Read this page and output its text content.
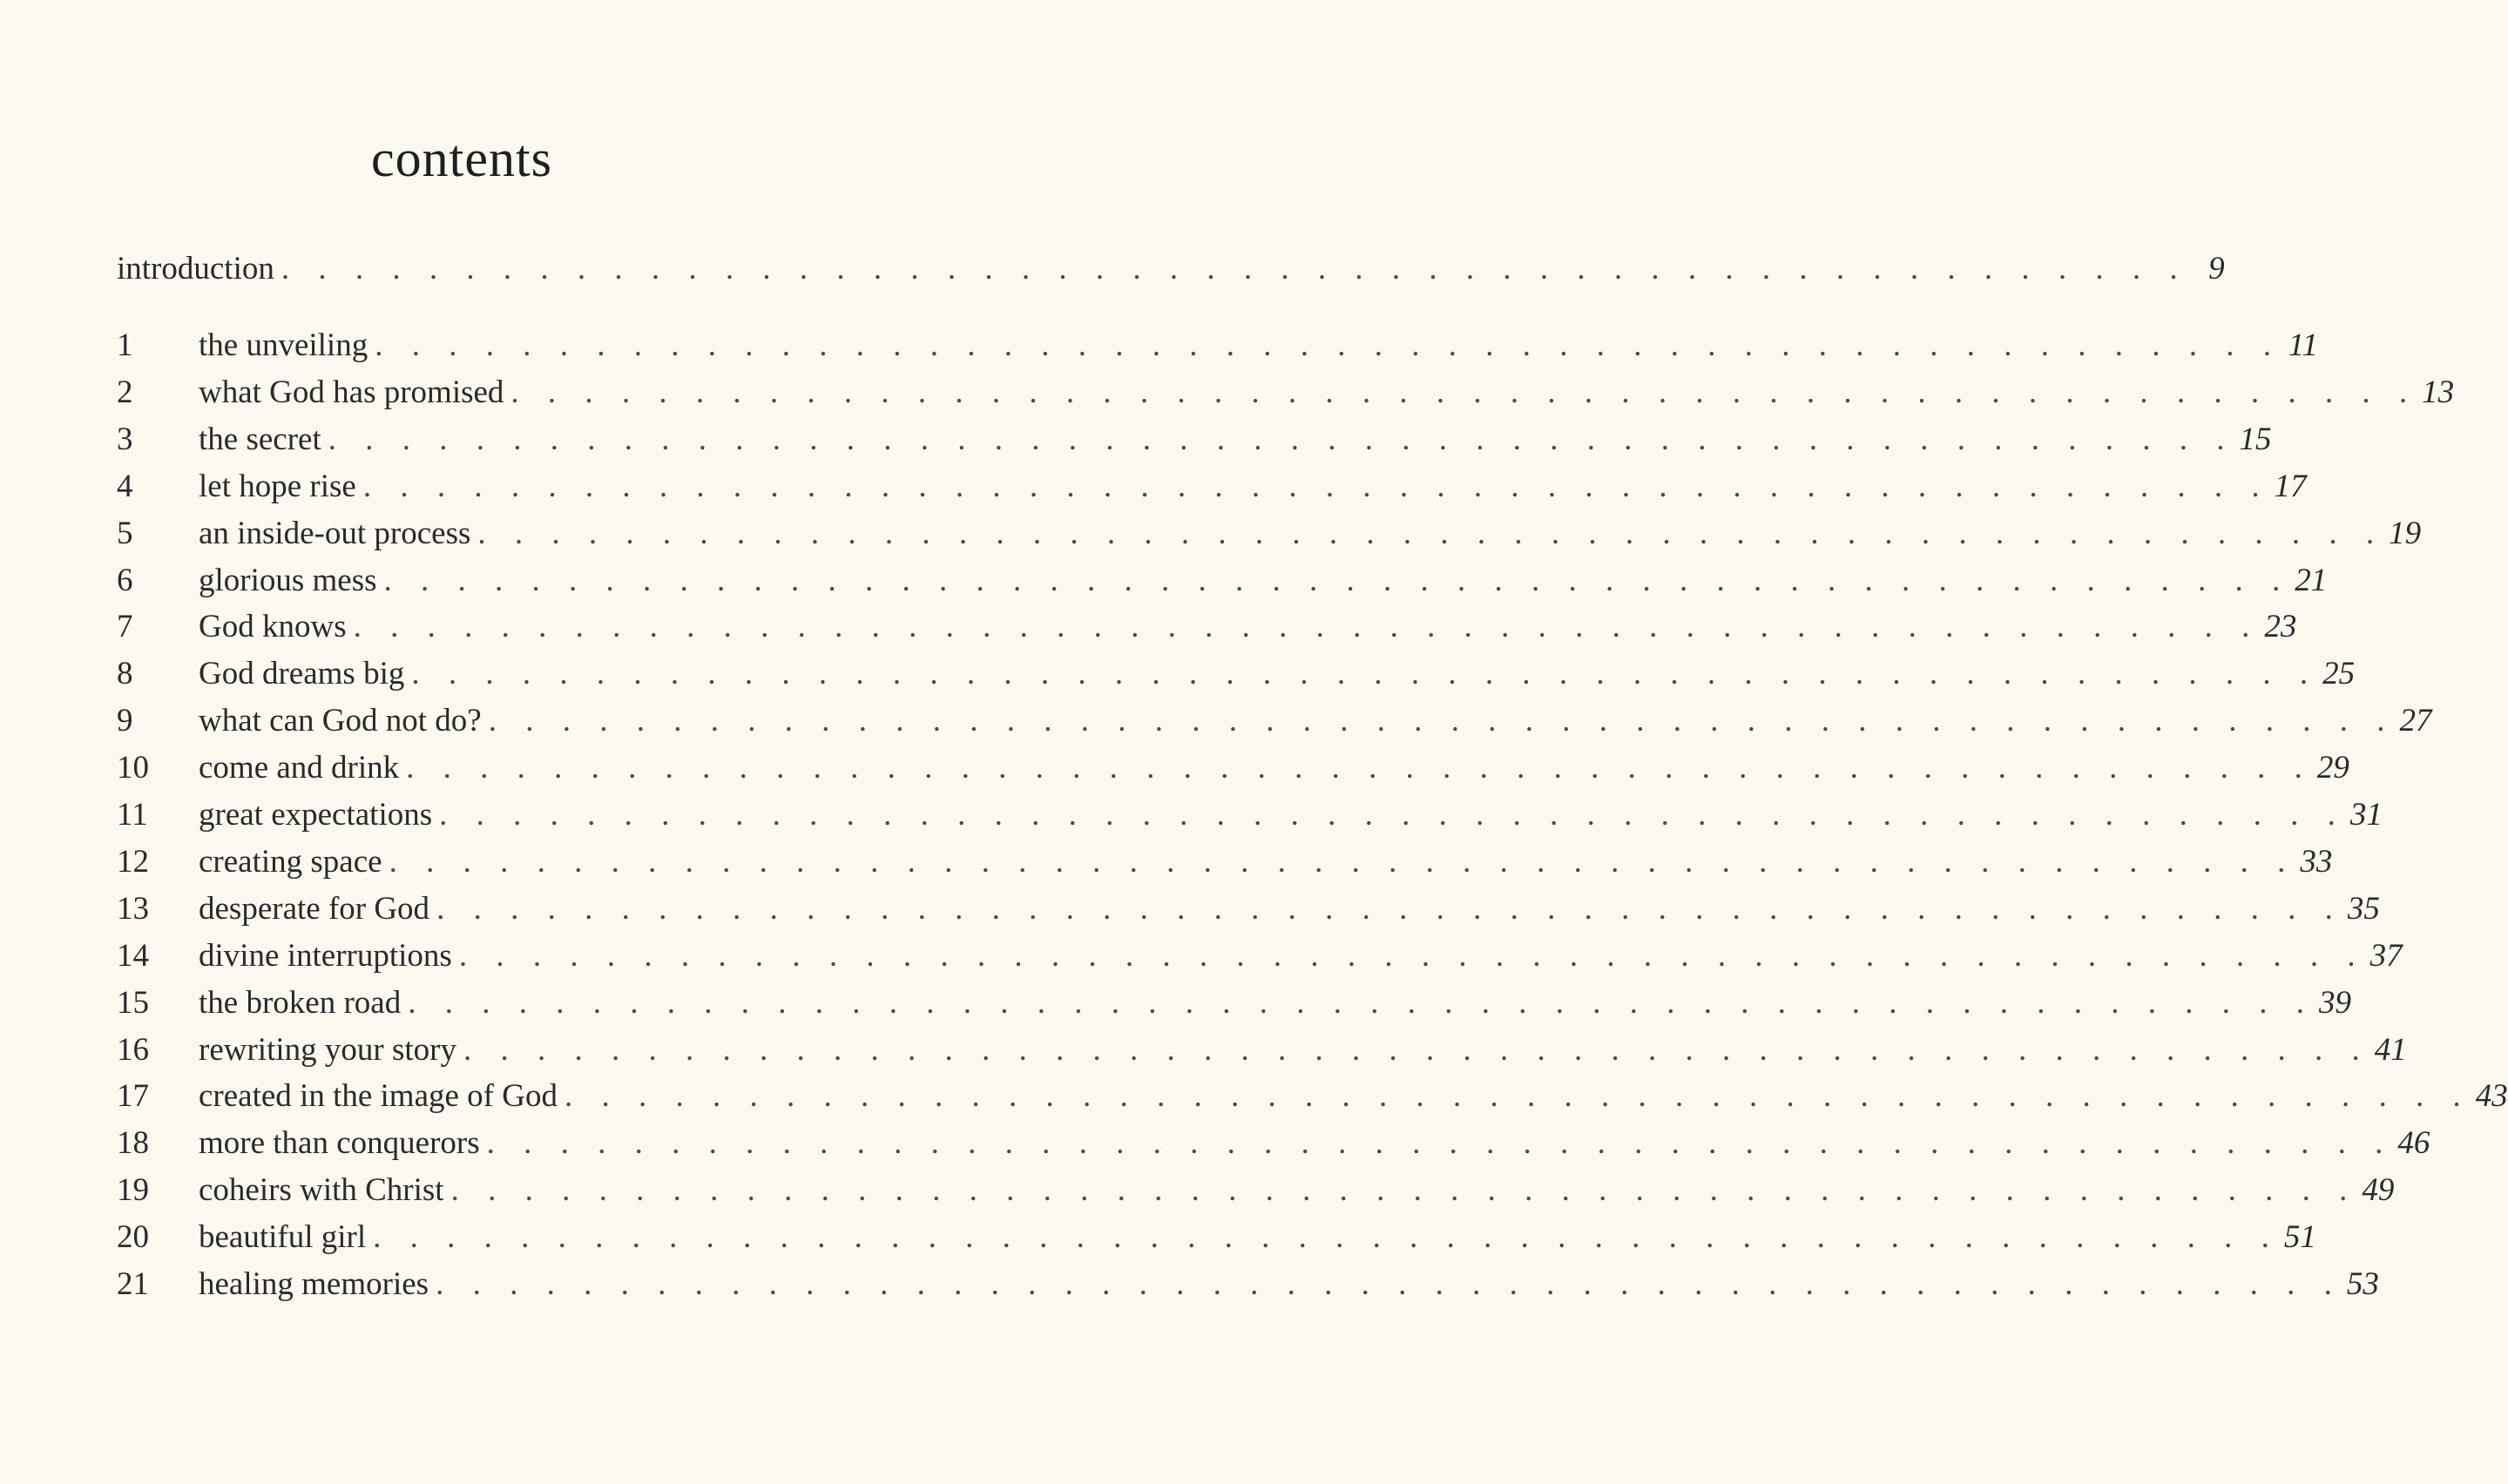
contents
introduction . . . . . . . . . . . . . . . . . . . . . . . . . . . . . . . . . . . . . . . . . . . . . . . . . . . . 9
1	the unveiling . . . . . . . . . . . . . . . . . . . . . . . . . . . . . . . . . . . . . . . . . . . . . . . . . . . . 11
2	what God has promised . . . . . . . . . . . . . . . . . . . . . . . . . . . . . . . . . . . . . . . . . . . . . . . . . . . . 13
3	the secret . . . . . . . . . . . . . . . . . . . . . . . . . . . . . . . . . . . . . . . . . . . . . . . . . . . . 15
4	let hope rise . . . . . . . . . . . . . . . . . . . . . . . . . . . . . . . . . . . . . . . . . . . . . . . . . . . . 17
5	an inside-out process . . . . . . . . . . . . . . . . . . . . . . . . . . . . . . . . . . . . . . . . . . . . . . . . . . . . 19
6	glorious mess . . . . . . . . . . . . . . . . . . . . . . . . . . . . . . . . . . . . . . . . . . . . . . . . . . . . 21
7	God knows . . . . . . . . . . . . . . . . . . . . . . . . . . . . . . . . . . . . . . . . . . . . . . . . . . . . 23
8	God dreams big . . . . . . . . . . . . . . . . . . . . . . . . . . . . . . . . . . . . . . . . . . . . . . . . . . . . 25
9	what can God not do? . . . . . . . . . . . . . . . . . . . . . . . . . . . . . . . . . . . . . . . . . . . . . . . . . . . . 27
10	come and drink . . . . . . . . . . . . . . . . . . . . . . . . . . . . . . . . . . . . . . . . . . . . . . . . . . . . 29
11	great expectations . . . . . . . . . . . . . . . . . . . . . . . . . . . . . . . . . . . . . . . . . . . . . . . . . . . . 31
12	creating space . . . . . . . . . . . . . . . . . . . . . . . . . . . . . . . . . . . . . . . . . . . . . . . . . . . . 33
13	desperate for God . . . . . . . . . . . . . . . . . . . . . . . . . . . . . . . . . . . . . . . . . . . . . . . . . . . . 35
14	divine interruptions . . . . . . . . . . . . . . . . . . . . . . . . . . . . . . . . . . . . . . . . . . . . . . . . . . . . 37
15	the broken road . . . . . . . . . . . . . . . . . . . . . . . . . . . . . . . . . . . . . . . . . . . . . . . . . . . . 39
16	rewriting your story . . . . . . . . . . . . . . . . . . . . . . . . . . . . . . . . . . . . . . . . . . . . . . . . . . . . 41
17	created in the image of God . . . . . . . . . . . . . . . . . . . . . . . . . . . . . . . . . . . . . . . . . . . . . . . . . . . . 43
18	more than conquerors . . . . . . . . . . . . . . . . . . . . . . . . . . . . . . . . . . . . . . . . . . . . . . . . . . . . 46
19	coheirs with Christ . . . . . . . . . . . . . . . . . . . . . . . . . . . . . . . . . . . . . . . . . . . . . . . . . . . . 49
20	beautiful girl . . . . . . . . . . . . . . . . . . . . . . . . . . . . . . . . . . . . . . . . . . . . . . . . . . . . 51
21	healing memories . . . . . . . . . . . . . . . . . . . . . . . . . . . . . . . . . . . . . . . . . . . . . . . . . . . . 53
